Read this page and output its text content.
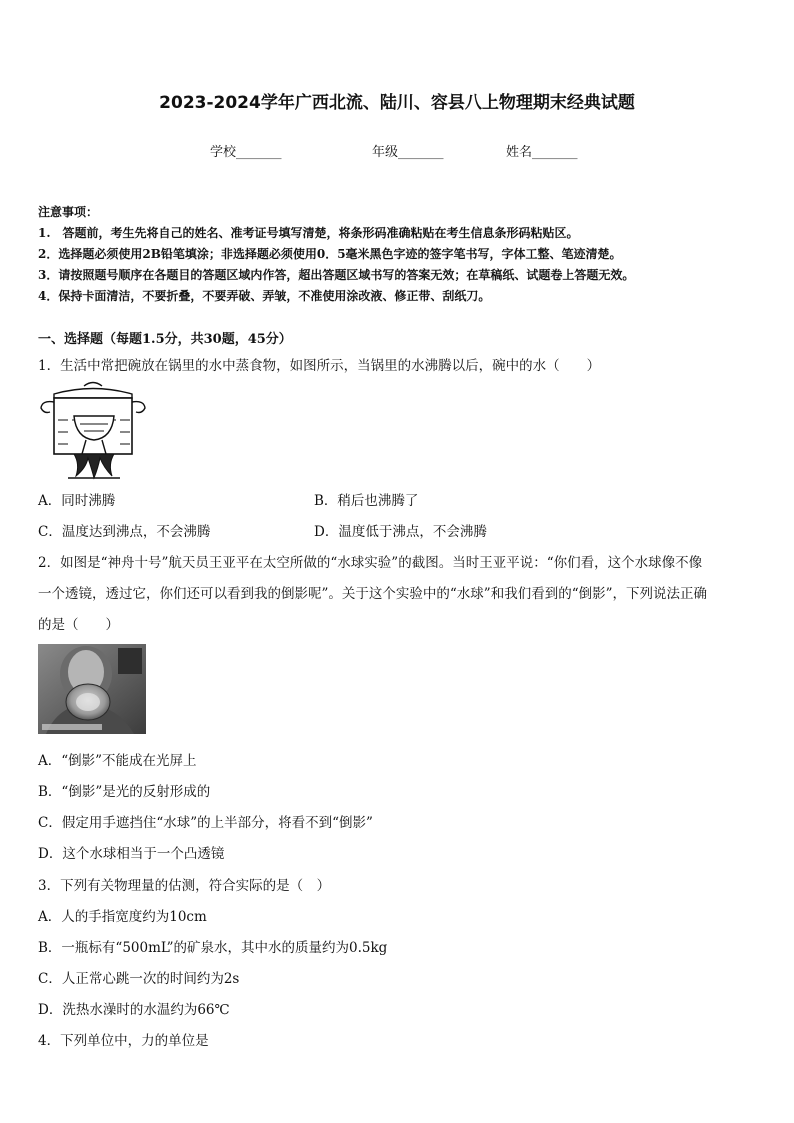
2023-2024学年广西北流、陆川、容县八上物理期末经典试题
学校_______	年级_______	姓名_______
注意事项：
1.　答题前，考生先将自己的姓名、准考证号填写清楚，将条形码准确粘贴在考生信息条形码粘贴区。
2．选择题必须使用2B铅笔填涂；非选择题必须使用0．5毫米黑色字迹的签字笔书写，字体工整、笔迹清楚。
3．请按照题号顺序在各题目的答题区域内作答，超出答题区域书写的答案无效；在草稿纸、试题卷上答题无效。
4．保持卡面清洁，不要折叠，不要弄破、弄皱，不准使用涂改液、修正带、刮纸刀。
一、选择题（每题1.5分，共30题，45分）
1．生活中常把碗放在锅里的水中蒸食物，如图所示，当锅里的水沸腾以后，碗中的水（　　）
A．同时沸腾	B．稍后也沸腾了
C．温度达到沸点，不会沸腾	D．温度低于沸点，不会沸腾
2．如图是“神舟十号”航天员王亚平在太空所做的“水球实验”的截图。当时王亚平说：“你们看，这个水球像不像
一个透镜，透过它，你们还可以看到我的倒影呢”。关于这个实验中的“水球”和我们看到的“倒影”，下列说法正确
的是（　　）
A．“倒影”不能成在光屏上
B．“倒影”是光的反射形成的
C．假定用手遮挡住“水球”的上半部分，将看不到“倒影”
D．这个水球相当于一个凸透镜
3．下列有关物理量的估测，符合实际的是（　）
A．人的手指宽度约为10cm
B．一瓶标有“500mL”的矿泉水，其中水的质量约为0.5kg
C．人正常心跳一次的时间约为2s
D．洗热水澡时的水温约为66℃
4．下列单位中，力的单位是
